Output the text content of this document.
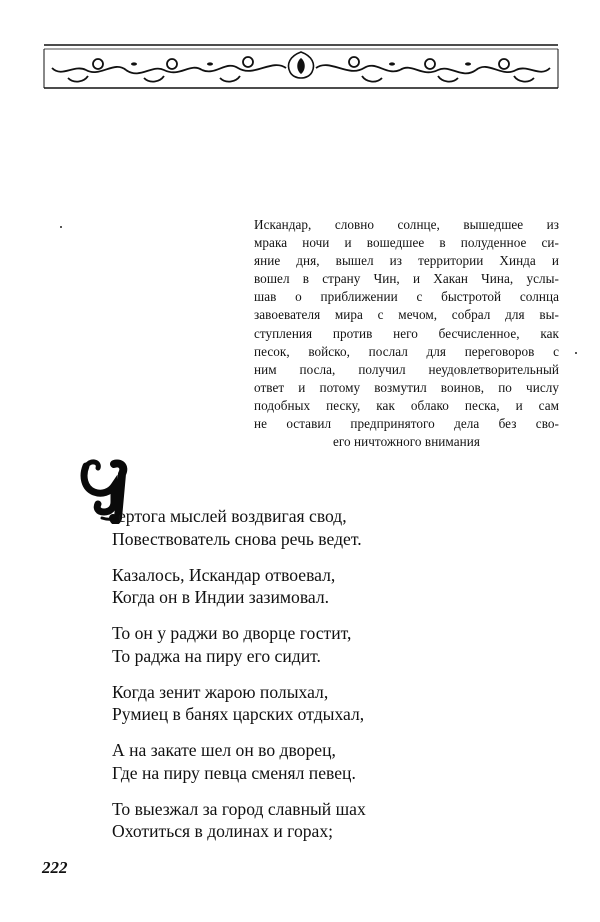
Искандар, словно солнце, вышедшее из
мрака ночи и вошедшее в полуденное си-
яние дня, вышел из территории Хинда и
вошел в страну Чин, и Хакан Чина, услы-
шав о приближении с быстротой солнца
завоевателя мира с мечом, собрал для вы-
ступления против него бесчисленное, как
песок, войско, послал для переговоров с
ним посла, получил неудовлетворительный
ответ и потому возмутил воинов, по числу
подобных песку, как облако песка, и сам
не оставил предпринятого дела без сво-
его ничтожного внимания
ертога мыслей воздвигая свод,
Повествователь снова речь ведет.
Казалось, Искандар отвоевал,
Когда он в Индии зазимовал.
То он у раджи во дворце гостит,
То раджа на пиру его сидит.
Когда зенит жарою полыхал,
Румиец в банях царских отдыхал,
А на закате шел он во дворец,
Где на пиру певца сменял певец.
То выезжал за город славный шах
Охотиться в долинах и горах;
222
